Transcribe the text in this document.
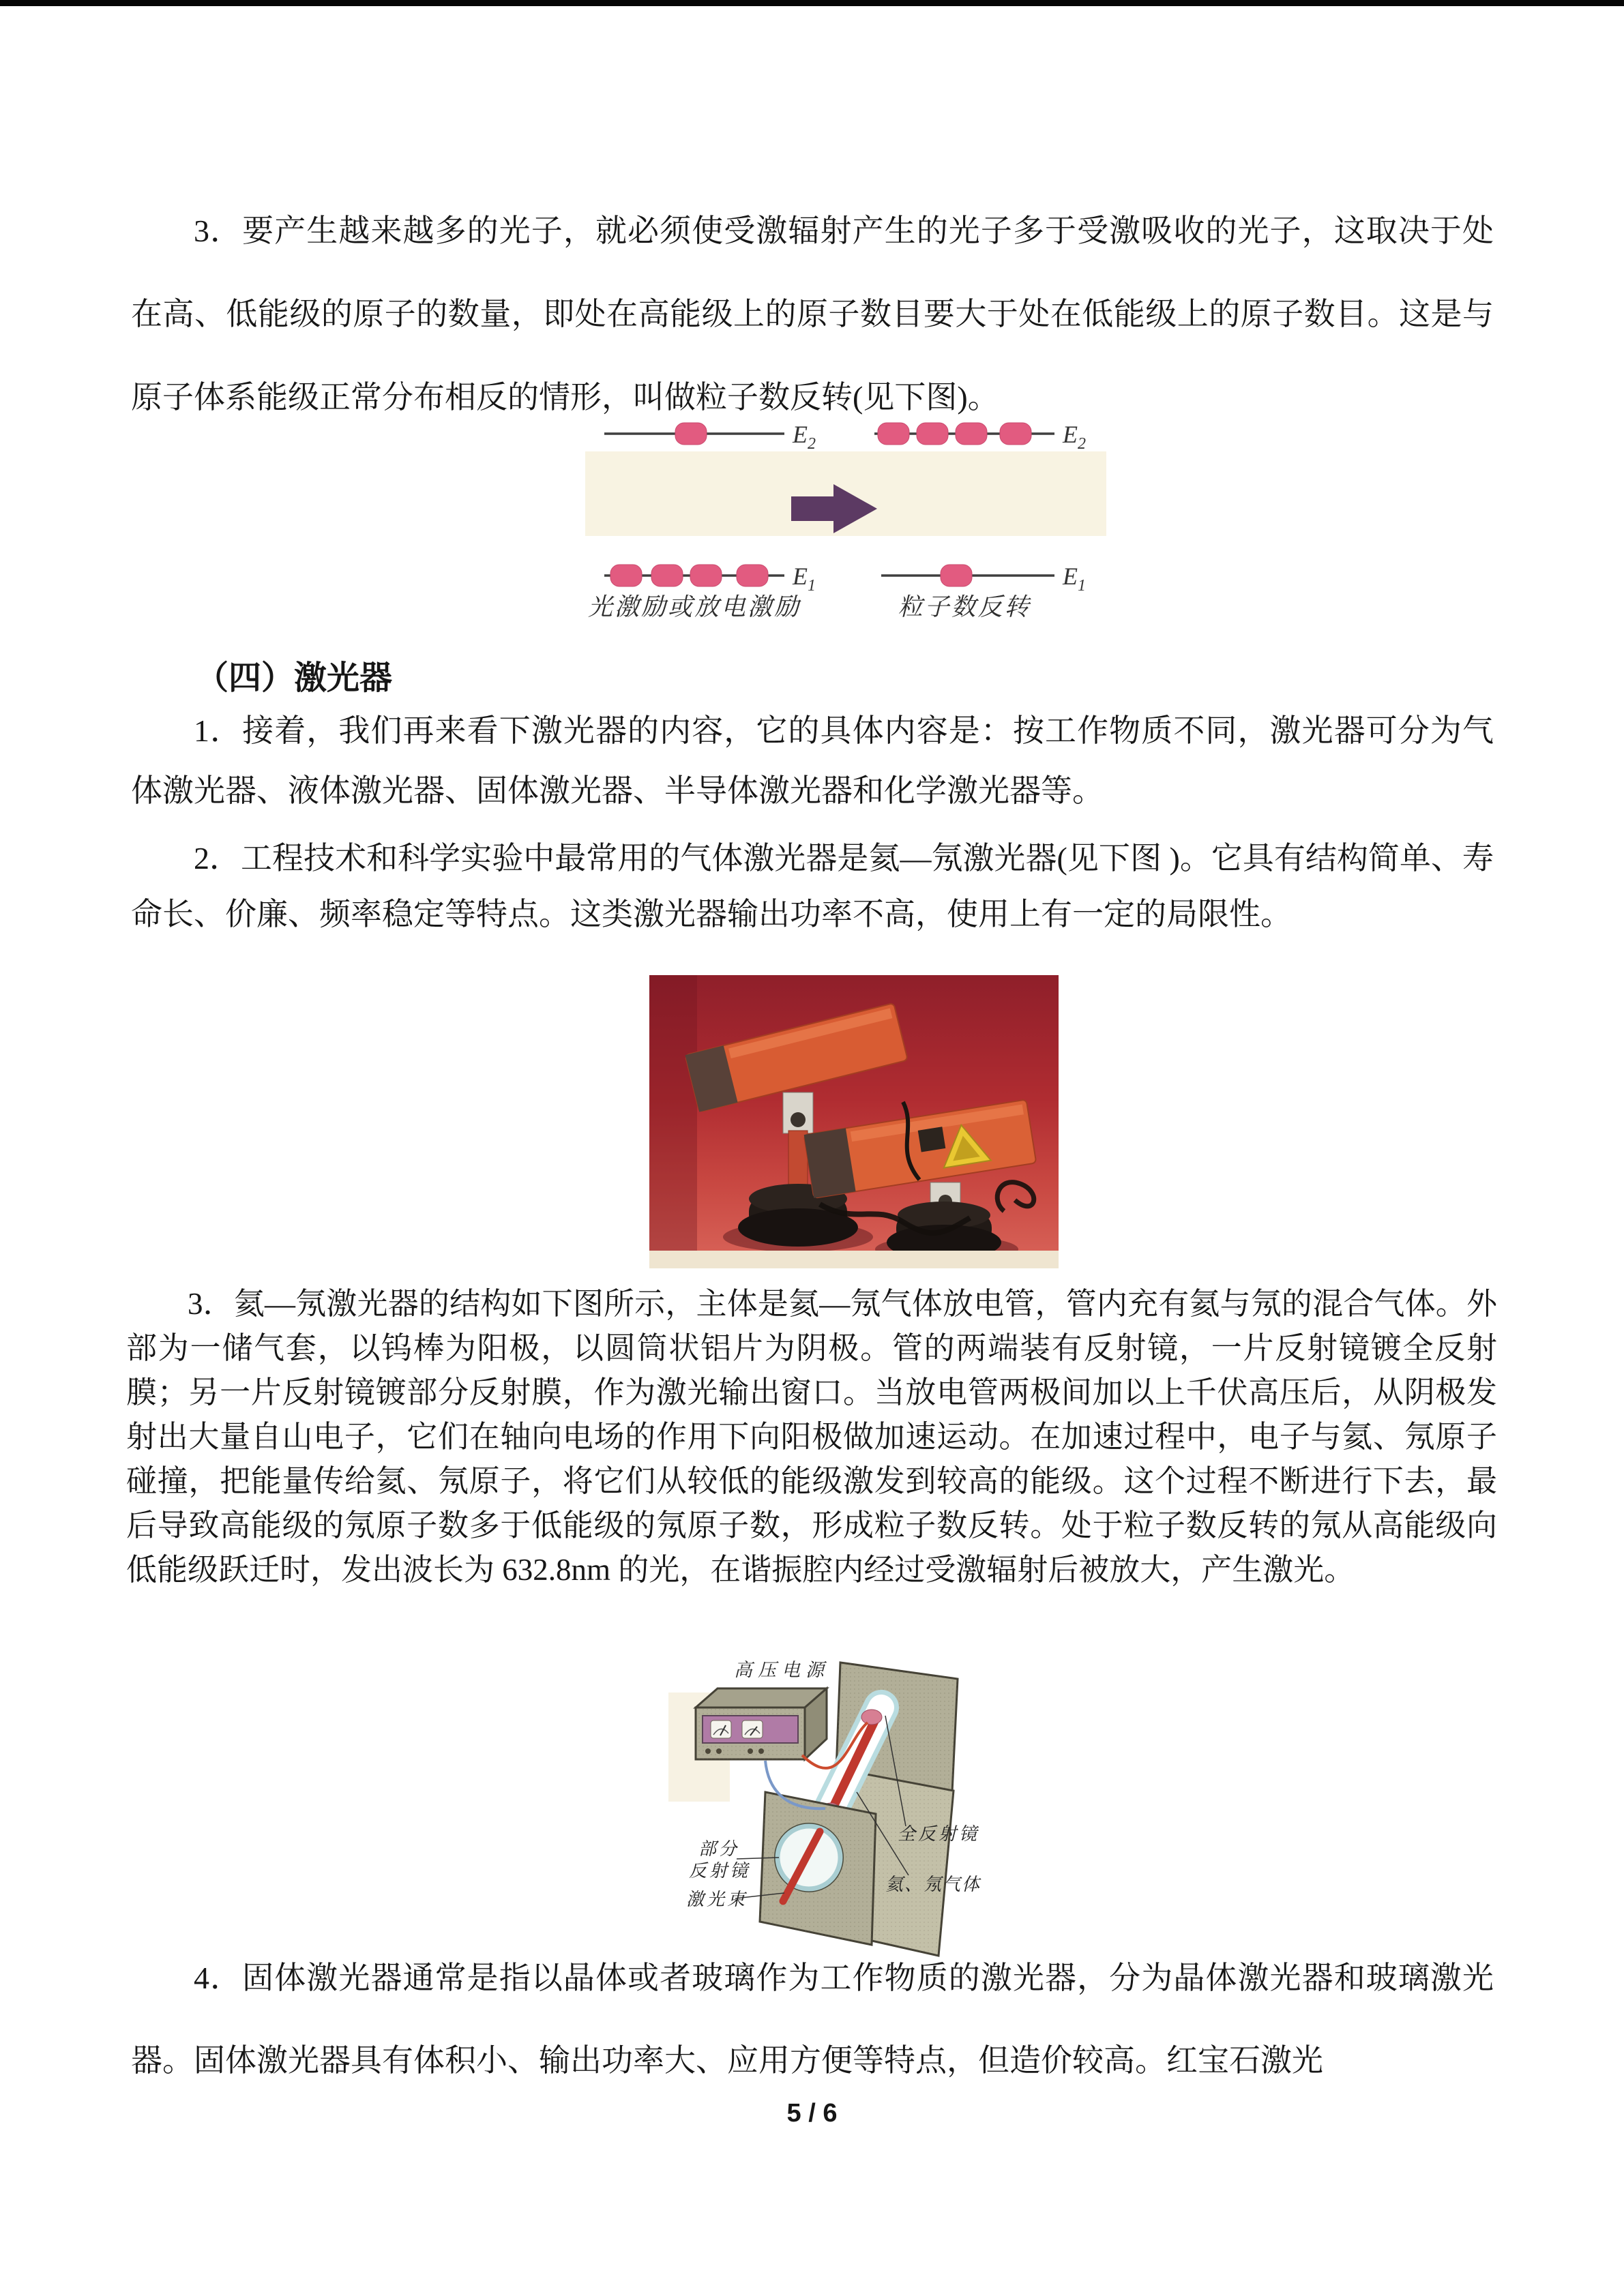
3．要产生越来越多的光子，就必须使受激辐射产生的光子多于受激吸收的光子，这取决于处在高、低能级的原子的数量，即处在高能级上的原子数目要大于处在低能级上的原子数目。这是与原子体系能级正常分布相反的情形，叫做粒子数反转(见下图)。

$E_2$
$E_1$
光激励或放电激励
$E_2$
$E_1$
粒子数反转
（四）激光器

1．接着，我们再来看下激光器的内容，它的具体内容是：按工作物质不同，激光器可分为气体激光器、液体激光器、固体激光器、半导体激光器和化学激光器等。

2．工程技术和科学实验中最常用的气体激光器是氦—氖激光器(见下图 )。它具有结构简单、寿命长、价廉、频率稳定等特点。这类激光器输出功率不高，使用上有一定的局限性。

3．氦—氖激光器的结构如下图所示，主体是氦—氖气体放电管，管内充有氦与氖的混合气体。外部为一储气套，以钨棒为阳极，以圆筒状铝片为阴极。管的两端装有反射镜，一片反射镜镀全反射膜；另一片反射镜镀部分反射膜，作为激光输出窗口。当放电管两极间加以上千伏高压后，从阴极发射出大量自山电子，它们在轴向电场的作用下向阳极做加速运动。在加速过程中，电子与氦、氖原子碰撞，把能量传给氦、氖原子，将它们从较低的能级激发到较高的能级。这个过程不断进行下去，最后导致高能级的氖原子数多于低能级的氖原子数，形成粒子数反转。处于粒子数反转的氖从高能级向低能级跃迁时，发出波长为 632.8nm 的光，在谐振腔内经过受激辐射后被放大，产生激光。

高压电源
全反射镜
氦、氖气体
部分
反射镜
激光束

4．固体激光器通常是指以晶体或者玻璃作为工作物质的激光器，分为晶体激光器和玻璃激光器。固体激光器具有体积小、输出功率大、应用方便等特点，但造价较高。红宝石激光

5 / 6
